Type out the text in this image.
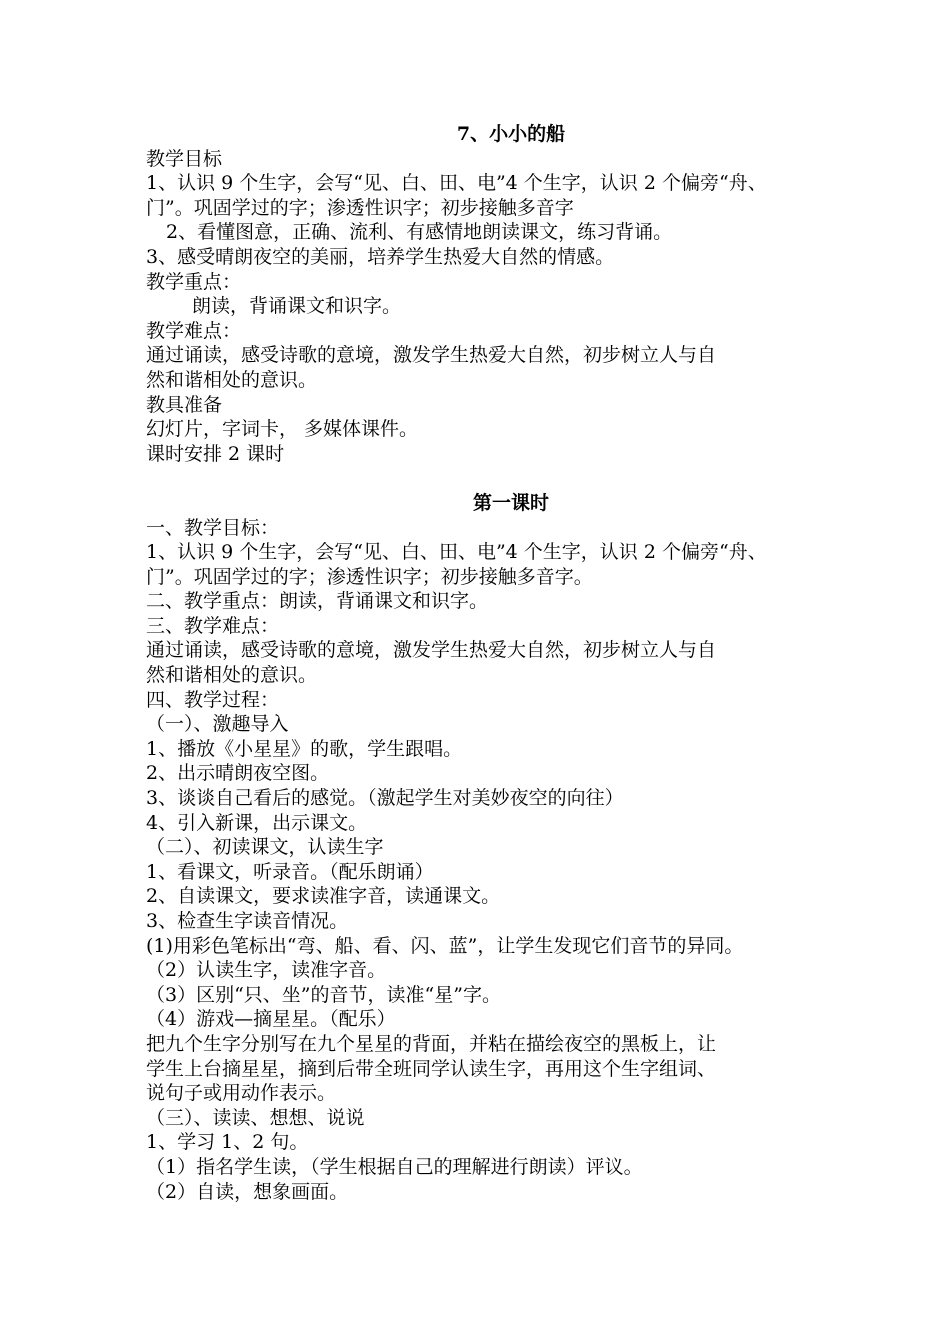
7、小小的船
教学目标
1、认识 9 个生字，会写“见、白、田、电”4 个生字，认识 2 个偏旁“舟、
门”。巩固学过的字；渗透性识字；初步接触多音字
2、看懂图意，正确、流利、有感情地朗读课文，练习背诵。
3、感受晴朗夜空的美丽，培养学生热爱大自然的情感。
教学重点：
朗读，背诵课文和识字。
教学难点：
通过诵读，感受诗歌的意境，激发学生热爱大自然，初步树立人与自
然和谐相处的意识。
教具准备
幻灯片，字词卡， 多媒体课件。
课时安排 2 课时
第一课时
一、教学目标：
1、认识 9 个生字，会写“见、白、田、电”4 个生字，认识 2 个偏旁“舟、
门”。巩固学过的字；渗透性识字；初步接触多音字。
二、教学重点：朗读，背诵课文和识字。
三、教学难点：
通过诵读，感受诗歌的意境，激发学生热爱大自然，初步树立人与自
然和谐相处的意识。
四、教学过程：
（一）、激趣导入
1、播放《小星星》的歌，学生跟唱。
2、出示晴朗夜空图。
3、谈谈自己看后的感觉。（激起学生对美妙夜空的向往）
4、引入新课，出示课文。
（二）、初读课文，认读生字
1、看课文，听录音。（配乐朗诵）
2、自读课文，要求读准字音，读通课文。
3、检查生字读音情况。
(1)用彩色笔标出“弯、船、看、闪、蓝”，让学生发现它们音节的异同。
（2）认读生字，读准字音。
（3）区别“只、坐”的音节，读准“星”字。
（4）游戏—摘星星。（配乐）
把九个生字分别写在九个星星的背面，并粘在描绘夜空的黑板上，让
学生上台摘星星，摘到后带全班同学认读生字，再用这个生字组词、
说句子或用动作表示。
（三）、读读、想想、说说
1、学习 1、2 句。
（1）指名学生读，（学生根据自己的理解进行朗读）评议。
（2）自读，想象画面。
